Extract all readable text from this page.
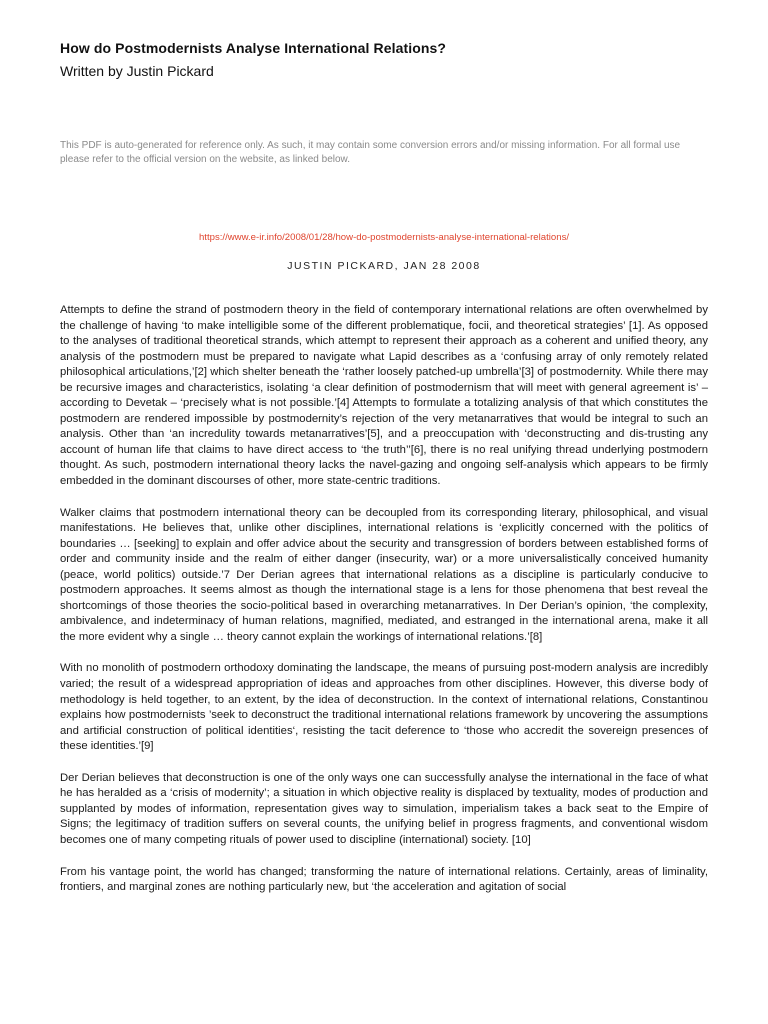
How do Postmodernists Analyse International Relations?
Written by Justin Pickard
This PDF is auto-generated for reference only. As such, it may contain some conversion errors and/or missing information. For all formal use please refer to the official version on the website, as linked below.
https://www.e-ir.info/2008/01/28/how-do-postmodernists-analyse-international-relations/
JUSTIN PICKARD, JAN 28 2008

Attempts to define the strand of postmodern theory in the field of contemporary international relations are often overwhelmed by the challenge of having ‘to make intelligible some of the different problematique, focii, and theoretical strategies’ [1]. As opposed to the analyses of traditional theoretical strands, which attempt to represent their approach as a coherent and unified theory, any analysis of the postmodern must be prepared to navigate what Lapid describes as a ‘confusing array of only remotely related philosophical articulations,’[2] which shelter beneath the ‘rather loosely patched-up umbrella’[3] of postmodernity. While there may be recursive images and characteristics, isolating ‘a clear definition of postmodernism that will meet with general agreement is’ – according to Devetak – ‘precisely what is not possible.’[4] Attempts to formulate a totalizing analysis of that which constitutes the postmodern are rendered impossible by postmodernity’s rejection of the very metanarratives that would be integral to such an analysis. Other than ‘an incredulity towards metanarratives’[5], and a preoccupation with ‘deconstructing and dis-trusting any account of human life that claims to have direct access to ‘the truth’’[6], there is no real unifying thread underlying postmodern thought. As such, postmodern international theory lacks the navel-gazing and ongoing self-analysis which appears to be firmly embedded in the dominant discourses of other, more state-centric traditions.

Walker claims that postmodern international theory can be decoupled from its corresponding literary, philosophical, and visual manifestations. He believes that, unlike other disciplines, international relations is ‘explicitly concerned with the politics of boundaries … [seeking] to explain and offer advice about the security and transgression of borders between established forms of order and community inside and the realm of either danger (insecurity, war) or a more universalistically conceived humanity (peace, world politics) outside.’7 Der Derian agrees that international relations as a discipline is particularly conducive to postmodern approaches. It seems almost as though the international stage is a lens for those phenomena that best reveal the shortcomings of those theories the socio-political based in overarching metanarratives. In Der Derian’s opinion, ‘the complexity, ambivalence, and indeterminacy of human relations, magnified, mediated, and estranged in the international arena, make it all the more evident why a single … theory cannot explain the workings of international relations.’[8]

With no monolith of postmodern orthodoxy dominating the landscape, the means of pursuing post-modern analysis are incredibly varied; the result of a widespread appropriation of ideas and approaches from other disciplines. However, this diverse body of methodology is held together, to an extent, by the idea of deconstruction. In the context of international relations, Constantinou explains how postmodernists ’seek to deconstruct the traditional international relations framework by uncovering the assumptions and artificial construction of political identities‘, resisting the tacit deference to ‘those who accredit the sovereign presences of these identities.’[9]

Der Derian believes that deconstruction is one of the only ways one can successfully analyse the international in the face of what he has heralded as a ‘crisis of modernity’; a situation in which objective reality is displaced by textuality, modes of production and supplanted by modes of information, representation gives way to simulation, imperialism takes a back seat to the Empire of Signs; the legitimacy of tradition suffers on several counts, the unifying belief in progress fragments, and conventional wisdom becomes one of many competing rituals of power used to discipline (international) society. [10]

From his vantage point, the world has changed; transforming the nature of international relations. Certainly, areas of liminality, frontiers, and marginal zones are nothing particularly new, but ‘the acceleration and agitation of social
